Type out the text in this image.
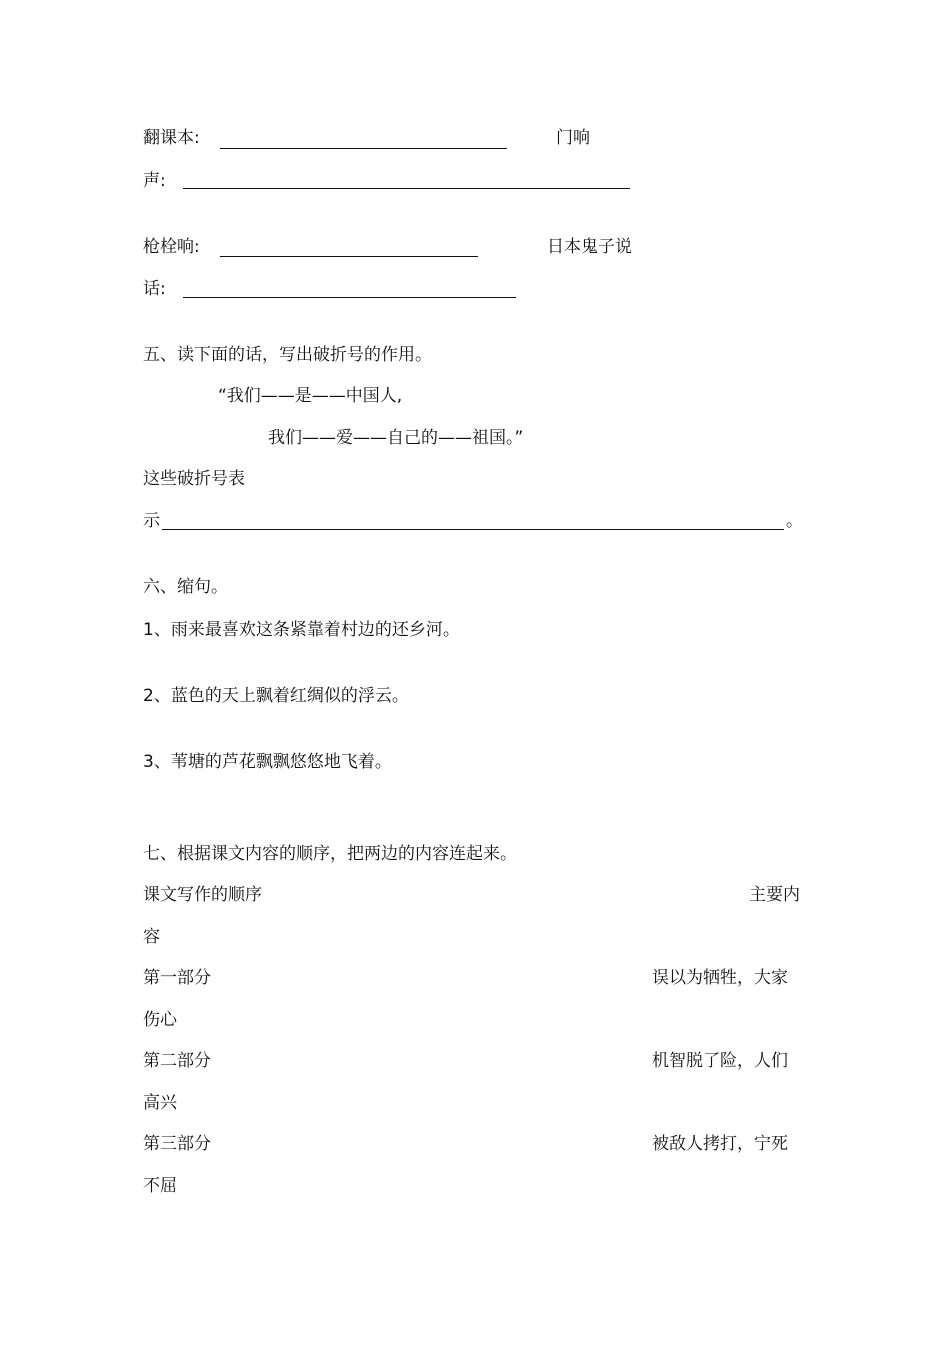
翻课本:	门响
声:
枪栓响:	日本鬼子说
话:
五、读下面的话，写出破折号的作用。
“我们——是——中国人,
我们——爱——自己的——祖国。”
这些破折号表
示	。
六、缩句。
1、雨来最喜欢这条紧靠着村边的还乡河。
2、蓝色的天上飘着红绸似的浮云。
3、苇塘的芦花飘飘悠悠地飞着。
七、根据课文内容的顺序，把两边的内容连起来。
课文写作的顺序	主要内
容
第一部分	误以为牺牲，大家
伤心
第二部分	机智脱了险，人们
高兴
第三部分	被敌人拷打，宁死
不屈
